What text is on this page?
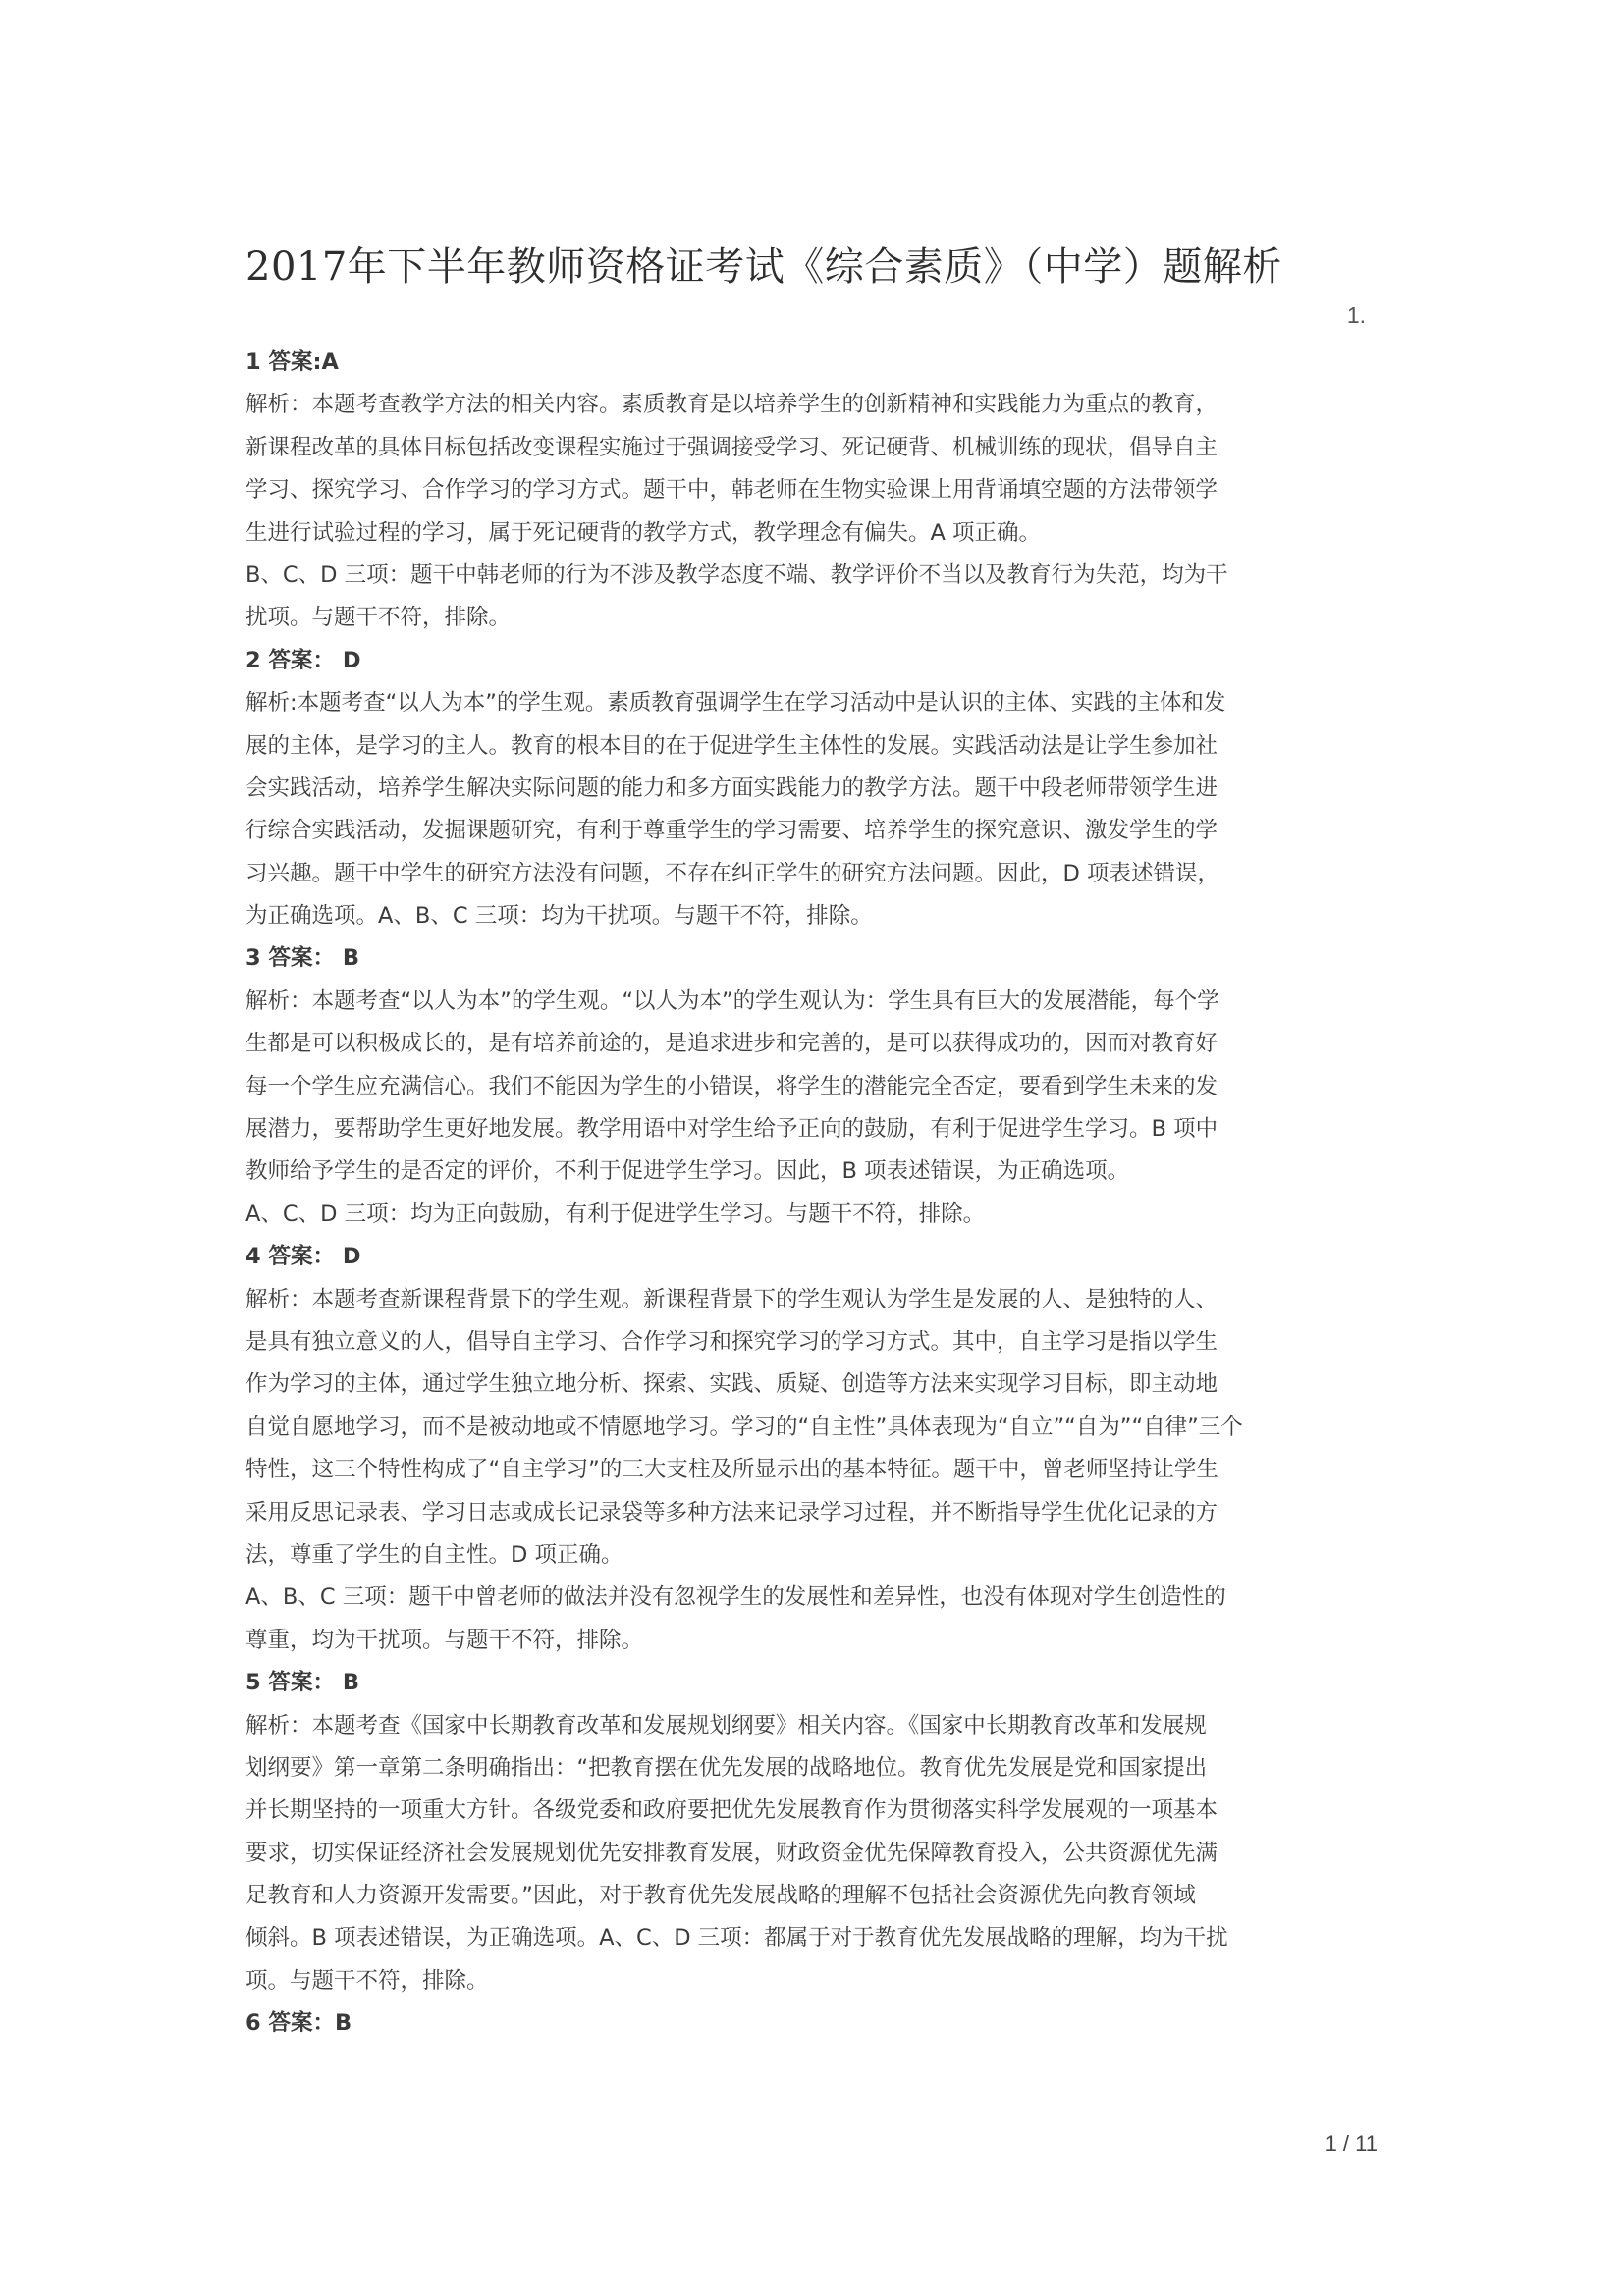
2017年下半年教师资格证考试《综合素质》（中学）题解析
1.
1 答案:A
解析：本题考查教学方法的相关内容。素质教育是以培养学生的创新精神和实践能力为重点的教育，
新课程改革的具体目标包括改变课程实施过于强调接受学习、死记硬背、机械训练的现状，倡导自主
学习、探究学习、合作学习的学习方式。题干中，韩老师在生物实验课上用背诵填空题的方法带领学
生进行试验过程的学习，属于死记硬背的教学方式，教学理念有偏失。A 项正确。
B、C、D 三项：题干中韩老师的行为不涉及教学态度不端、教学评价不当以及教育行为失范，均为干
扰项。与题干不符，排除。
2 答案： D
解析:本题考查“以人为本”的学生观。素质教育强调学生在学习活动中是认识的主体、实践的主体和发
展的主体，是学习的主人。教育的根本目的在于促进学生主体性的发展。实践活动法是让学生参加社
会实践活动，培养学生解决实际问题的能力和多方面实践能力的教学方法。题干中段老师带领学生进
行综合实践活动，发掘课题研究，有利于尊重学生的学习需要、培养学生的探究意识、激发学生的学
习兴趣。题干中学生的研究方法没有问题，不存在纠正学生的研究方法问题。因此，D 项表述错误，
为正确选项。A、B、C 三项：均为干扰项。与题干不符，排除。
3 答案： B
解析：本题考查“以人为本”的学生观。“以人为本”的学生观认为：学生具有巨大的发展潜能，每个学
生都是可以积极成长的，是有培养前途的，是追求进步和完善的，是可以获得成功的，因而对教育好
每一个学生应充满信心。我们不能因为学生的小错误，将学生的潜能完全否定，要看到学生未来的发
展潜力，要帮助学生更好地发展。教学用语中对学生给予正向的鼓励，有利于促进学生学习。B 项中
教师给予学生的是否定的评价，不利于促进学生学习。因此，B 项表述错误，为正确选项。
A、C、D 三项：均为正向鼓励，有利于促进学生学习。与题干不符，排除。
4 答案： D
解析：本题考查新课程背景下的学生观。新课程背景下的学生观认为学生是发展的人、是独特的人、
是具有独立意义的人，倡导自主学习、合作学习和探究学习的学习方式。其中，自主学习是指以学生
作为学习的主体，通过学生独立地分析、探索、实践、质疑、创造等方法来实现学习目标，即主动地
自觉自愿地学习，而不是被动地或不情愿地学习。学习的“自主性”具体表现为“自立”“自为”“自律”三个
特性，这三个特性构成了“自主学习”的三大支柱及所显示出的基本特征。题干中，曾老师坚持让学生
采用反思记录表、学习日志或成长记录袋等多种方法来记录学习过程，并不断指导学生优化记录的方
法，尊重了学生的自主性。D 项正确。
A、B、C 三项：题干中曾老师的做法并没有忽视学生的发展性和差异性，也没有体现对学生创造性的
尊重，均为干扰项。与题干不符，排除。
5 答案： B
解析：本题考查《国家中长期教育改革和发展规划纲要》相关内容。《国家中长期教育改革和发展规
划纲要》第一章第二条明确指出：“把教育摆在优先发展的战略地位。教育优先发展是党和国家提出
并长期坚持的一项重大方针。各级党委和政府要把优先发展教育作为贯彻落实科学发展观的一项基本
要求，切实保证经济社会发展规划优先安排教育发展，财政资金优先保障教育投入，公共资源优先满
足教育和人力资源开发需要。”因此，对于教育优先发展战略的理解不包括社会资源优先向教育领域
倾斜。B 项表述错误，为正确选项。A、C、D 三项：都属于对于教育优先发展战略的理解，均为干扰
项。与题干不符，排除。
6 答案：B
1 / 11
